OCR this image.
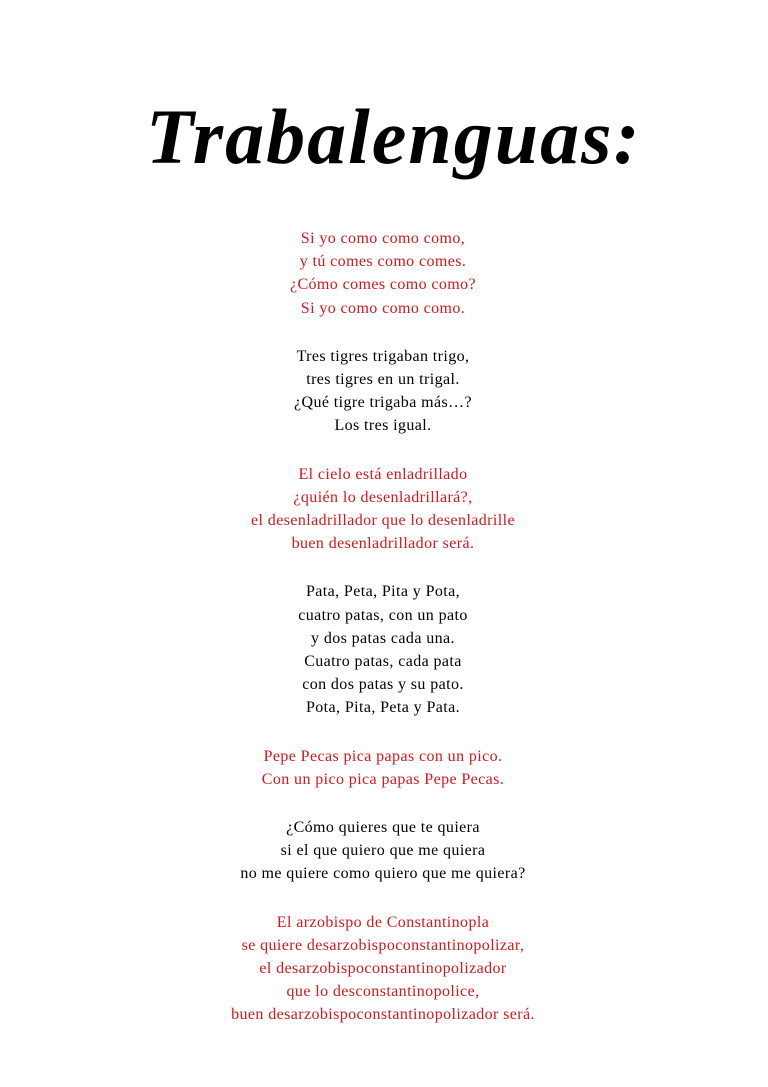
Trabalenguas:
Si yo como como como,
y tú comes como comes.
¿Cómo comes como como?
Si yo como como como.
Tres tigres trigaban trigo,
tres tigres en un trigal.
¿Qué tigre trigaba más…?
Los tres igual.
El cielo está enladrillado
¿quién lo desenladrillará?,
el desenladrillador que lo desenladrille
buen desenladrillador será.
Pata, Peta, Pita y Pota,
cuatro patas, con un pato
y dos patas cada una.
Cuatro patas, cada pata
con dos patas y su pato.
Pota, Pita, Peta y Pata.
Pepe Pecas pica papas con un pico.
Con un pico pica papas Pepe Pecas.
¿Cómo quieres que te quiera
si el que quiero que me quiera
no me quiere como quiero que me quiera?
El arzobispo de Constantinopla
se quiere desarzobispoconstantinopolizar,
el desarzobispoconstantinopolizador
que lo desconstantinopolice,
buen desarzobispoconstantinopolizador será.
